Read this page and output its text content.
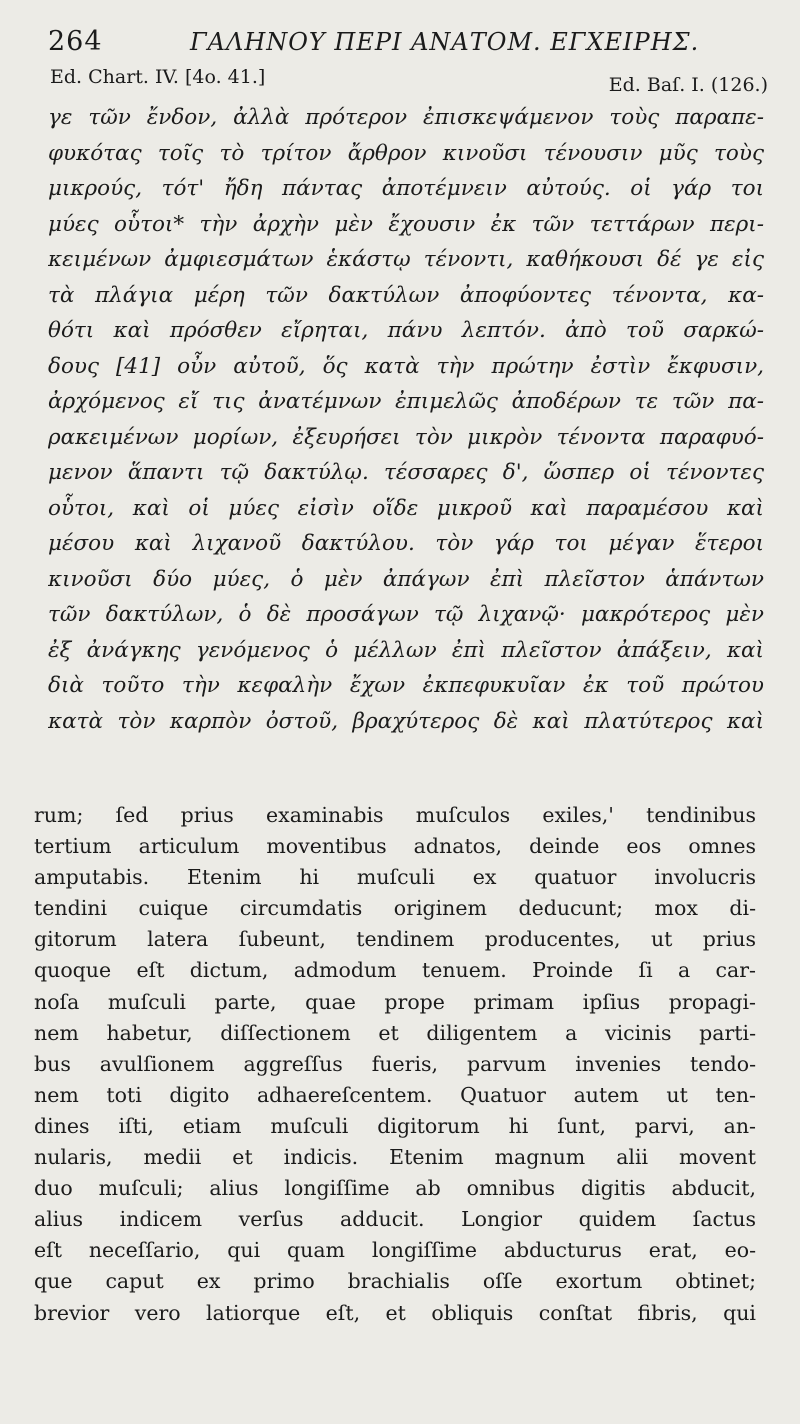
264	ΓΑΛΗΝΟΥ ΠΕΡΙ ΑΝΑΤΟΜ. ΕΓΧΕΙΡΗΣ.
Ed. Chart. IV. [4o. 41.]	Ed. Baſ. I. (126.)
γε τῶν ἔνδον, ἀλλὰ πρότερον ἐπισκεψάμενον τοὺς παραπε-
φυκότας τοῖς τὸ τρίτον ἄρθρον κινοῦσι τένουσιν μῦς τοὺς
μικρούς, τότ' ἤδη πάντας ἀποτέμνειν αὐτούς. οἱ γάρ τοι
μύες οὗτοι* τὴν ἀρχὴν μὲν ἔχουσιν ἐκ τῶν τεττάρων περι-
κειμένων ἀμφιεσμάτων ἑκάστῳ τένοντι, καθήκουσι δέ γε εἰς
τὰ πλάγια μέρη τῶν δακτύλων ἀποφύοντες τένοντα, κα-
θότι καὶ πρόσθεν εἴρηται, πάνυ λεπτόν. ἀπὸ τοῦ σαρκώ-
δους [41] οὖν αὐτοῦ, ὅς κατὰ τὴν πρώτην ἐστὶν ἔκφυσιν,
ἀρχόμενος εἴ τις ἀνατέμνων ἐπιμελῶς ἀποδέρων τε τῶν πα-
ρακειμένων μορίων, ἐξευρήσει τὸν μικρὸν τένοντα παραφυό-
μενον ἅπαντι τῷ δακτύλῳ. τέσσαρες δ', ὥσπερ οἱ τένοντες
οὗτοι, καὶ οἱ μύες εἰσὶν οἵδε μικροῦ καὶ παραμέσου καὶ
μέσου καὶ λιχανοῦ δακτύλου. τὸν γάρ τοι μέγαν ἕτεροι
κινοῦσι δύο μύες, ὁ μὲν ἀπάγων ἐπὶ πλεῖστον ἁπάντων
τῶν δακτύλων, ὁ δὲ προσάγων τῷ λιχανῷ· μακρότερος μὲν
ἐξ ἀνάγκης γενόμενος ὁ μέλλων ἐπὶ πλεῖστον ἀπάξειν, καὶ
διὰ τοῦτο τὴν κεφαλὴν ἔχων ἐκπεφυκυῖαν ἐκ τοῦ πρώτου
κατὰ τὸν καρπὸν ὀστοῦ, βραχύτερος δὲ καὶ πλατύτερος καὶ
rum; ſed prius examinabis muſculos exiles,' tendinibus
tertium articulum moventibus adnatos, deinde eos omnes
amputabis. Etenim hi muſculi ex quatuor involucris
tendini cuique circumdatis originem deducunt; mox di-
gitorum latera ſubeunt, tendinem producentes, ut prius
quoque eſt dictum, admodum tenuem. Proinde ſi a car-
noſa muſculi parte, quae prope primam ipſius propagi-
nem habetur, diſſectionem et diligentem a vicinis parti-
bus avulſionem aggreſſus fueris, parvum invenies tendo-
nem toti digito adhaereſcentem. Quatuor autem ut ten-
dines iſti, etiam muſculi digitorum hi ſunt, parvi, an-
nularis, medii et indicis. Etenim magnum alii movent
duo muſculi; alius longiſſime ab omnibus digitis abducit,
alius indicem verſus adducit. Longior quidem ſactus
eſt neceſſario, qui quam longiſſime abducturus erat, eo-
que caput ex primo brachialis oſſe exortum obtinet;
brevior vero latiorque eſt, et obliquis conſtat fibris, qui
